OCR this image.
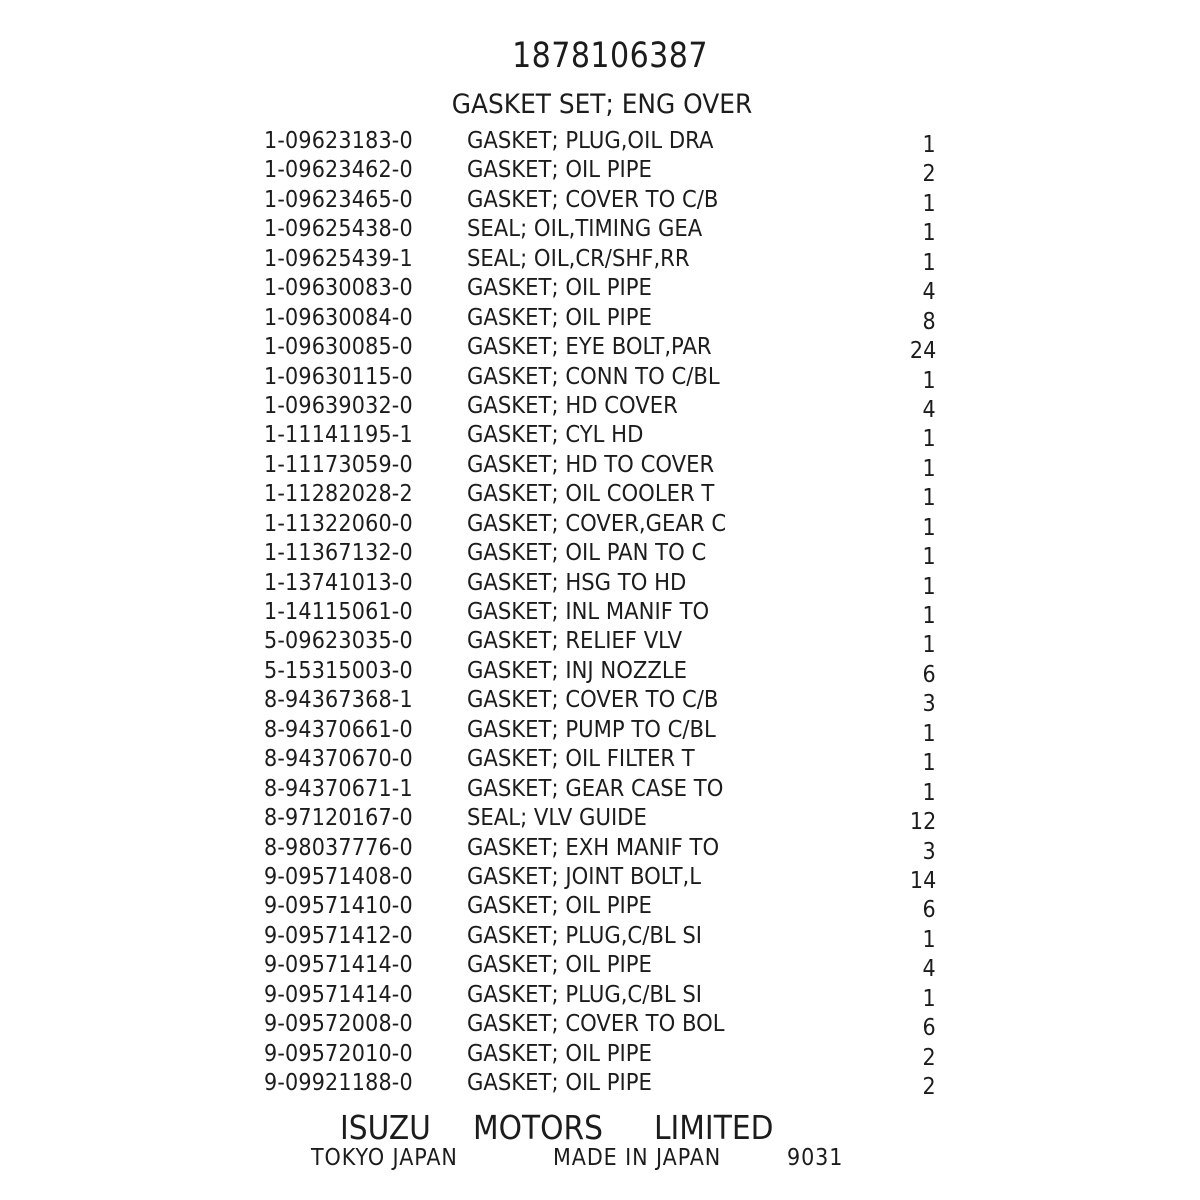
1878106387
GASKET SET; ENG OVER
1-09623183-0 GASKET; PLUG,OIL DRA	1
1-09623462-0 GASKET; OIL PIPE	2
1-09623465-0 GASKET; COVER TO C/B	1
1-09625438-0 SEAL; OIL,TIMING GEA	1
1-09625439-1 SEAL; OIL,CR/SHF,RR	1
1-09630083-0 GASKET; OIL PIPE	4
1-09630084-0 GASKET; OIL PIPE	8
1-09630085-0 GASKET; EYE BOLT,PAR	24
1-09630115-0 GASKET; CONN TO C/BL	1
1-09639032-0 GASKET; HD COVER	4
1-11141195-1 GASKET; CYL HD	1
1-11173059-0 GASKET; HD TO COVER	1
1-11282028-2 GASKET; OIL COOLER T	1
1-11322060-0 GASKET; COVER,GEAR C	1
1-11367132-0 GASKET; OIL PAN TO C	1
1-13741013-0 GASKET; HSG TO HD	1
1-14115061-0 GASKET; INL MANIF TO	1
5-09623035-0 GASKET; RELIEF VLV	1
5-15315003-0 GASKET; INJ NOZZLE	6
8-94367368-1 GASKET; COVER TO C/B	3
8-94370661-0 GASKET; PUMP TO C/BL	1
8-94370670-0 GASKET; OIL FILTER T	1
8-94370671-1 GASKET; GEAR CASE TO	1
8-97120167-0 SEAL; VLV GUIDE	12
8-98037776-0 GASKET; EXH MANIF TO	3
9-09571408-0 GASKET; JOINT BOLT,L	14
9-09571410-0 GASKET; OIL PIPE	6
9-09571412-0 GASKET; PLUG,C/BL SI	1
9-09571414-0 GASKET; OIL PIPE	4
9-09571414-0 GASKET; PLUG,C/BL SI	1
9-09572008-0 GASKET; COVER TO BOL	6
9-09572010-0 GASKET; OIL PIPE	2
9-09921188-0 GASKET; OIL PIPE	2
ISUZU MOTORS LIMITED
TOKYO JAPAN	MADE IN JAPAN	9031
